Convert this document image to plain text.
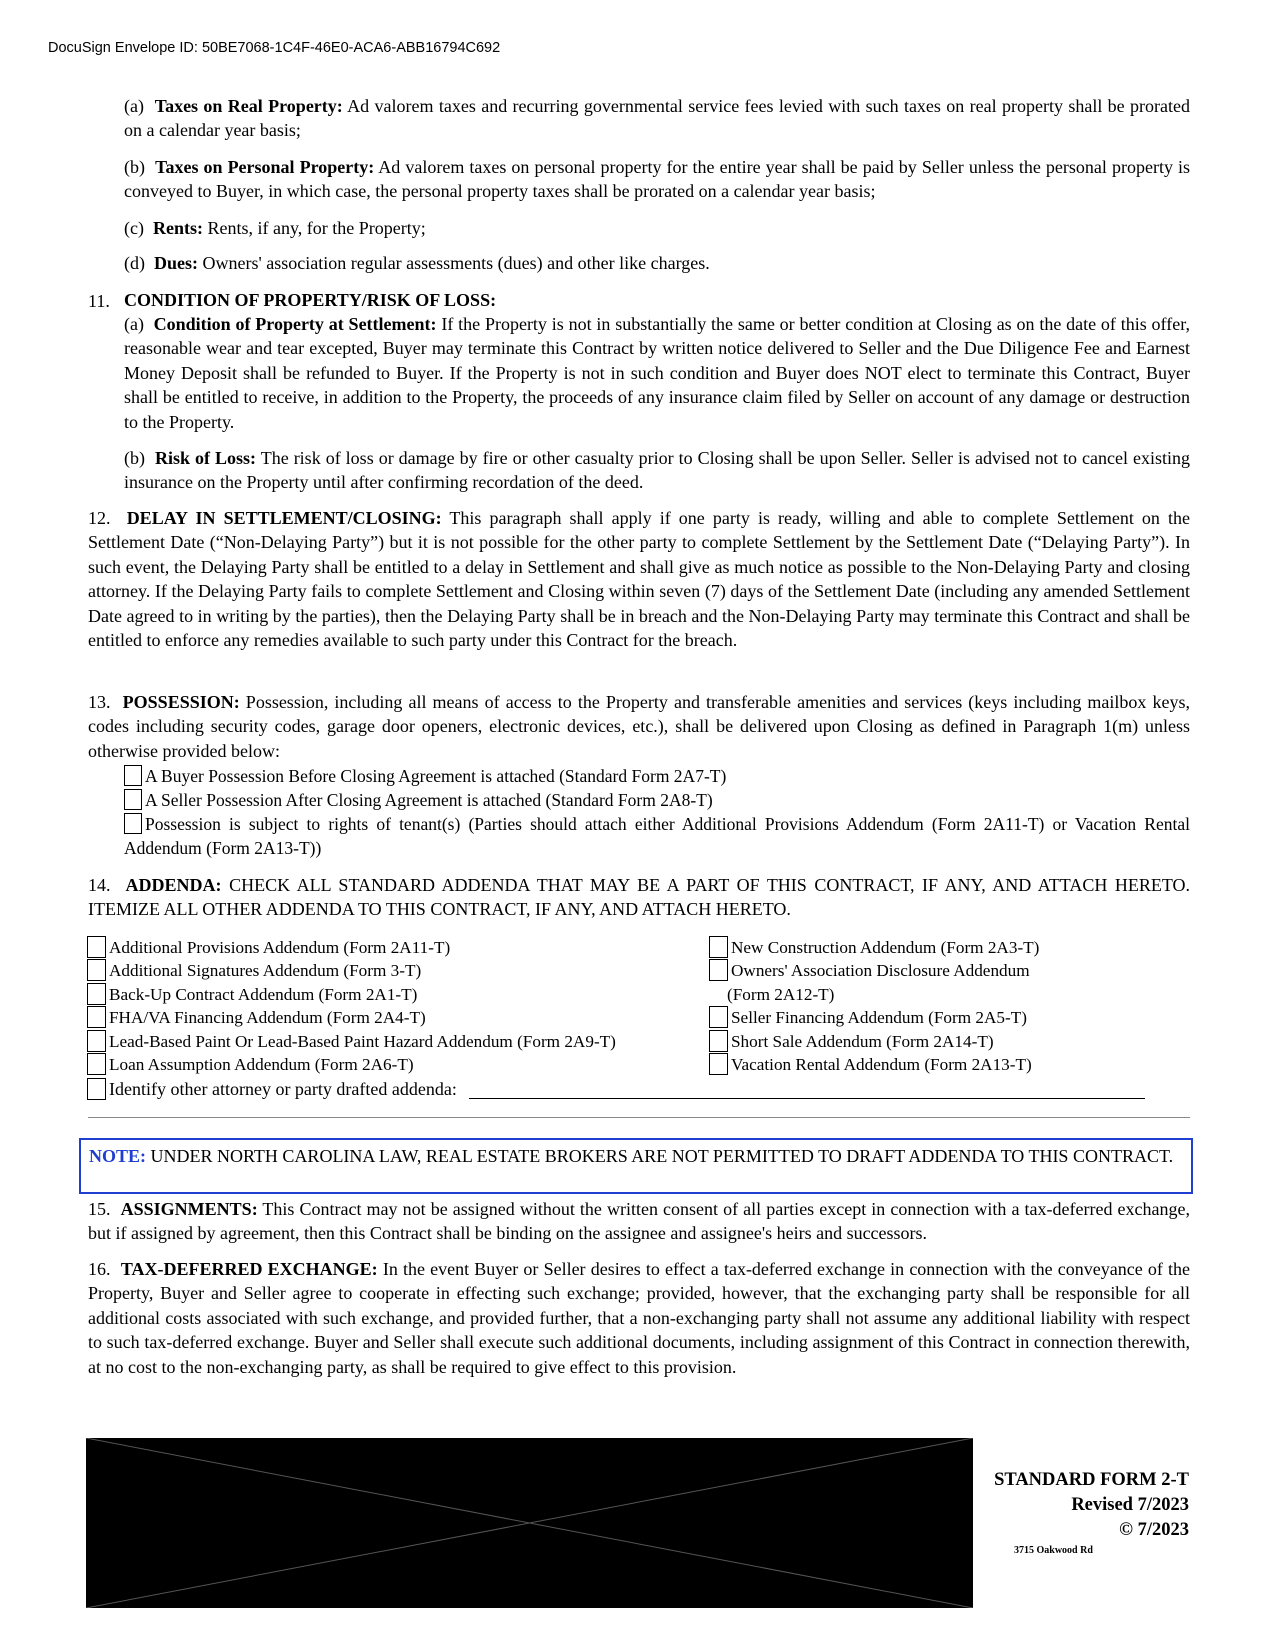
DocuSign Envelope ID: 50BE7068-1C4F-46E0-ACA6-ABB16794C692

(a) Taxes on Real Property: Ad valorem taxes and recurring governmental service fees levied with such taxes on real property shall be prorated on a calendar year basis;

(b) Taxes on Personal Property: Ad valorem taxes on personal property for the entire year shall be paid by Seller unless the personal property is conveyed to Buyer, in which case, the personal property taxes shall be prorated on a calendar year basis;

(c) Rents: Rents, if any, for the Property;

(d) Dues: Owners' association regular assessments (dues) and other like charges.

11. CONDITION OF PROPERTY/RISK OF LOSS:

(a) Condition of Property at Settlement: If the Property is not in substantially the same or better condition at Closing as on the date of this offer, reasonable wear and tear excepted, Buyer may terminate this Contract by written notice delivered to Seller and the Due Diligence Fee and Earnest Money Deposit shall be refunded to Buyer. If the Property is not in such condition and Buyer does NOT elect to terminate this Contract, Buyer shall be entitled to receive, in addition to the Property, the proceeds of any insurance claim filed by Seller on account of any damage or destruction to the Property.

(b) Risk of Loss: The risk of loss or damage by fire or other casualty prior to Closing shall be upon Seller. Seller is advised not to cancel existing insurance on the Property until after confirming recordation of the deed.

12. DELAY IN SETTLEMENT/CLOSING: This paragraph shall apply if one party is ready, willing and able to complete Settlement on the Settlement Date (“Non-Delaying Party”) but it is not possible for the other party to complete Settlement by the Settlement Date (“Delaying Party”). In such event, the Delaying Party shall be entitled to a delay in Settlement and shall give as much notice as possible to the Non-Delaying Party and closing attorney. If the Delaying Party fails to complete Settlement and Closing within seven (7) days of the Settlement Date (including any amended Settlement Date agreed to in writing by the parties), then the Delaying Party shall be in breach and the Non-Delaying Party may terminate this Contract and shall be entitled to enforce any remedies available to such party under this Contract for the breach.

13. POSSESSION: Possession, including all means of access to the Property and transferable amenities and services (keys including mailbox keys, codes including security codes, garage door openers, electronic devices, etc.), shall be delivered upon Closing as defined in Paragraph 1(m) unless otherwise provided below:

A Buyer Possession Before Closing Agreement is attached (Standard Form 2A7-T)
A Seller Possession After Closing Agreement is attached (Standard Form 2A8-T)

Possession is subject to rights of tenant(s) (Parties should attach either Additional Provisions Addendum (Form 2A11-T) or Vacation Rental Addendum (Form 2A13-T))

14. ADDENDA: CHECK ALL STANDARD ADDENDA THAT MAY BE A PART OF THIS CONTRACT, IF ANY, AND ATTACH HERETO. ITEMIZE ALL OTHER ADDENDA TO THIS CONTRACT, IF ANY, AND ATTACH HERETO.

Additional Provisions Addendum (Form 2A11-T)
Additional Signatures Addendum (Form 3-T)
Back-Up Contract Addendum (Form 2A1-T)
FHA/VA Financing Addendum (Form 2A4-T)
Lead-Based Paint Or Lead-Based Paint Hazard Addendum (Form 2A9-T)
Loan Assumption Addendum (Form 2A6-T)
New Construction Addendum (Form 2A3-T)
Owners' Association Disclosure Addendum
(Form 2A12-T)
Seller Financing Addendum (Form 2A5-T)
Short Sale Addendum (Form 2A14-T)
Vacation Rental Addendum (Form 2A13-T)
Identify other attorney or party drafted addenda:
NOTE: UNDER NORTH CAROLINA LAW, REAL ESTATE BROKERS ARE NOT PERMITTED TO DRAFT ADDENDA TO THIS CONTRACT.

15. ASSIGNMENTS: This Contract may not be assigned without the written consent of all parties except in connection with a tax-deferred exchange, but if assigned by agreement, then this Contract shall be binding on the assignee and assignee's heirs and successors.

16. TAX-DEFERRED EXCHANGE: In the event Buyer or Seller desires to effect a tax-deferred exchange in connection with the conveyance of the Property, Buyer and Seller agree to cooperate in effecting such exchange; provided, however, that the exchanging party shall be responsible for all additional costs associated with such exchange, and provided further, that a non-exchanging party shall not assume any additional liability with respect to such tax-deferred exchange. Buyer and Seller shall execute such additional documents, including assignment of this Contract in connection therewith, at no cost to the non-exchanging party, as shall be required to give effect to this provision.

STANDARD FORM 2-T
Revised 7/2023
© 7/2023
3715 Oakwood Rd
